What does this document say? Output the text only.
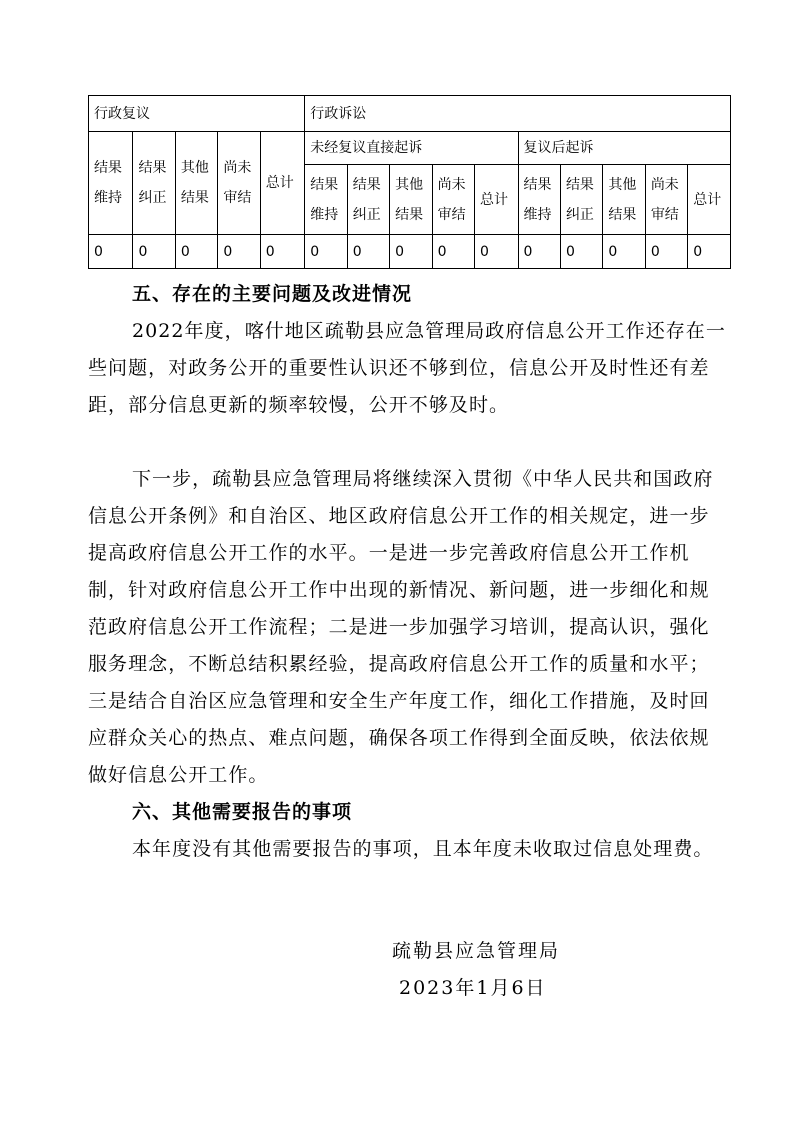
行政复议					行政诉讼									
结果维持	结果纠正	其他结果	尚未审结	总计	未经复议直接起诉					复议后起诉				
					结果维持	结果纠正	其他结果	尚未审结	总计	结果维持	结果纠正	其他结果	尚未审结	总计
0	0	0	0	0	0	0	0	0	0	0	0	0	0	0

五、存在的主要问题及改进情况

2022年度，喀什地区疏勒县应急管理局政府信息公开工作还存在一些问题，对政务公开的重要性认识还不够到位，信息公开及时性还有差距，部分信息更新的频率较慢，公开不够及时。

下一步，疏勒县应急管理局将继续深入贯彻《中华人民共和国政府信息公开条例》和自治区、地区政府信息公开工作的相关规定，进一步提高政府信息公开工作的水平。一是进一步完善政府信息公开工作机制，针对政府信息公开工作中出现的新情况、新问题，进一步细化和规范政府信息公开工作流程；二是进一步加强学习培训，提高认识，强化服务理念，不断总结积累经验，提高政府信息公开工作的质量和水平；三是结合自治区应急管理和安全生产年度工作，细化工作措施，及时回应群众关心的热点、难点问题，确保各项工作得到全面反映，依法依规做好信息公开工作。

六、其他需要报告的事项

本年度没有其他需要报告的事项，且本年度未收取过信息处理费。

疏勒县应急管理局

2023年1月6日
